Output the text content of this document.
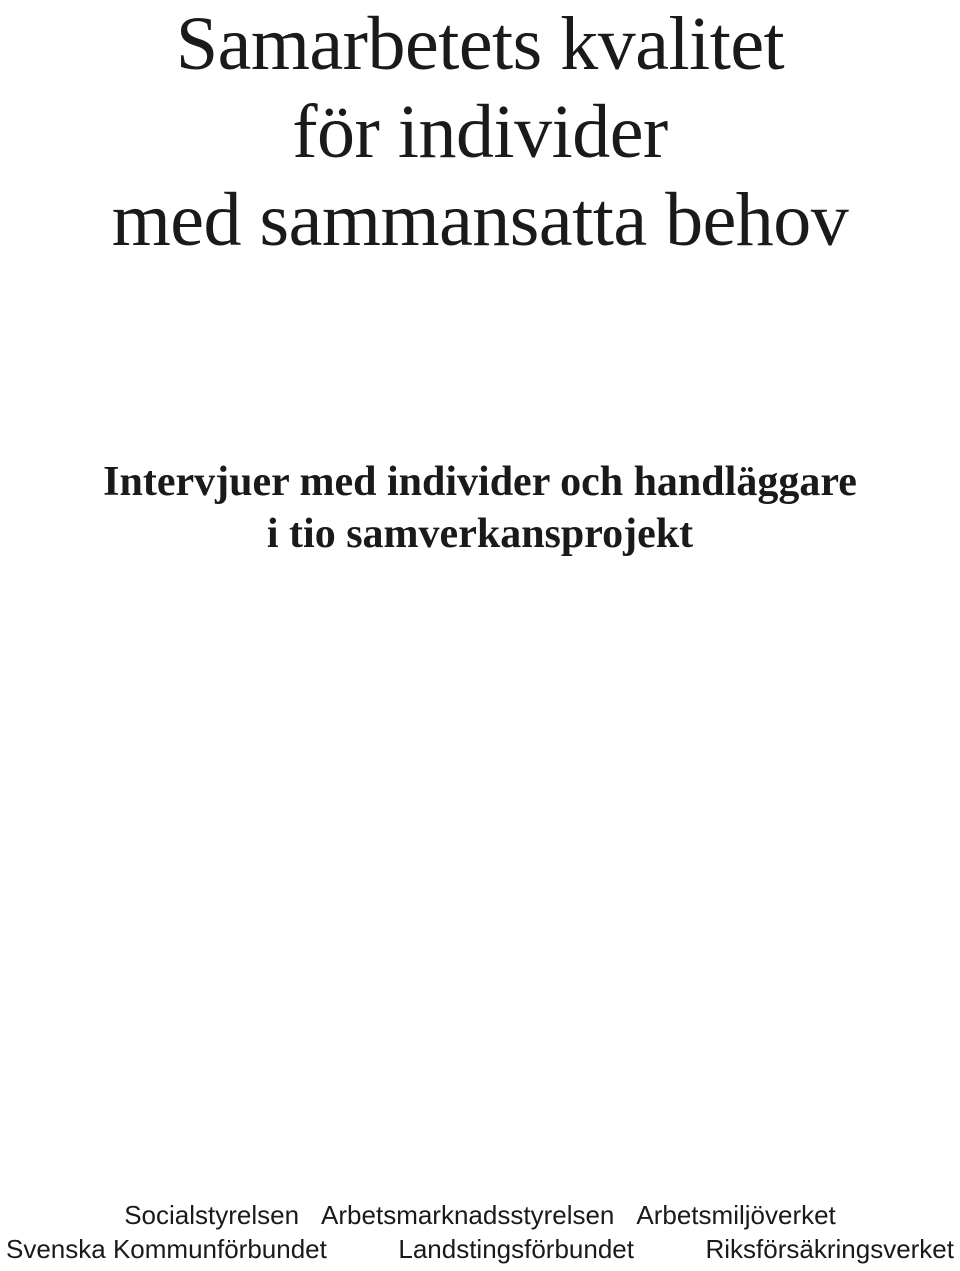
Samarbetets kvalitet
för individer
med sammansatta behov
Intervjuer med individer och handläggare
i tio samverkansprojekt
Socialstyrelsen Arbetsmarknadsstyrelsen Arbetsmiljöverket
Svenska Kommunförbundet	Landstingsförbundet	Riksförsäkringsverket
